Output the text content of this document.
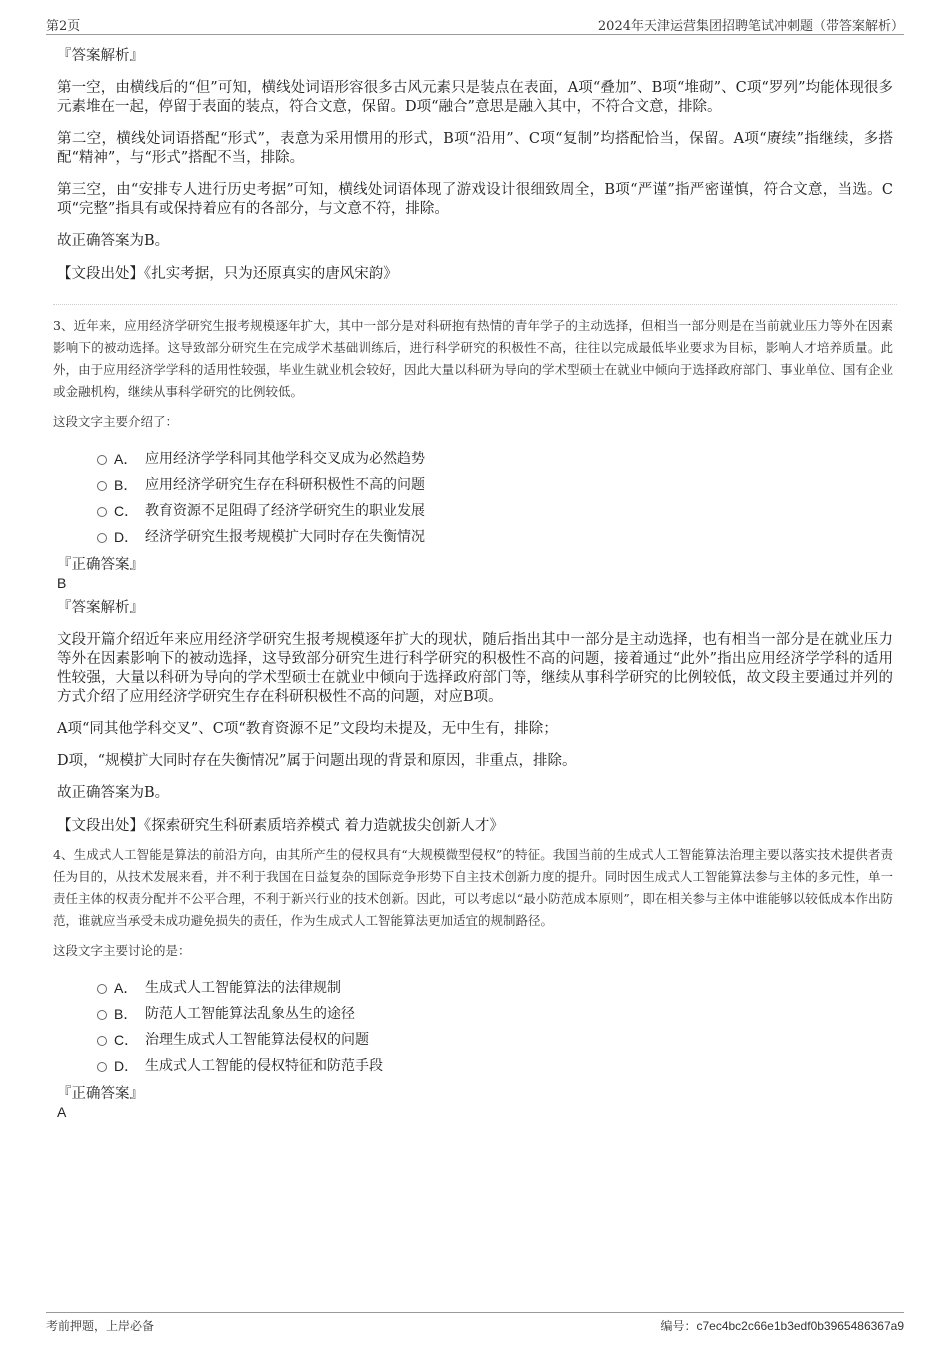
第2页	2024年天津运营集团招聘笔试冲刺题（带答案解析）
『答案解析』

第一空，由横线后的“但”可知，横线处词语形容很多古风元素只是装点在表面，A项“叠加”、B项“堆砌”、C项“罗列”均能体现很多元素堆在一起，停留于表面的装点，符合文意，保留。D项“融合”意思是融入其中，不符合文意，排除。

第二空，横线处词语搭配“形式”，表意为采用惯用的形式，B项“沿用”、C项“复制”均搭配恰当，保留。A项“赓续”指继续，多搭配“精神”，与“形式”搭配不当，排除。

第三空，由“安排专人进行历史考据”可知，横线处词语体现了游戏设计很细致周全，B项“严谨”指严密谨慎，符合文意，当选。C项“完整”指具有或保持着应有的各部分，与文意不符，排除。

故正确答案为B。

【文段出处】《扎实考据，只为还原真实的唐风宋韵》

3、近年来，应用经济学研究生报考规模逐年扩大，其中一部分是对科研抱有热情的青年学子的主动选择，但相当一部分则是在当前就业压力等外在因素影响下的被动选择。这导致部分研究生在完成学术基础训练后，进行科学研究的积极性不高，往往以完成最低毕业要求为目标，影响人才培养质量。此外，由于应用经济学学科的适用性较强，毕业生就业机会较好，因此大量以科研为导向的学术型硕士在就业中倾向于选择政府部门、事业单位、国有企业或金融机构，继续从事科学研究的比例较低。

这段文字主要介绍了：

A． 应用经济学学科同其他学科交叉成为必然趋势
B． 应用经济学研究生存在科研积极性不高的问题
C． 教育资源不足阻碍了经济学研究生的职业发展
D． 经济学研究生报考规模扩大同时存在失衡情况
『正确答案』
B
『答案解析』

文段开篇介绍近年来应用经济学研究生报考规模逐年扩大的现状，随后指出其中一部分是主动选择，也有相当一部分是在就业压力等外在因素影响下的被动选择，这导致部分研究生进行科学研究的积极性不高的问题，接着通过“此外”指出应用经济学学科的适用性较强，大量以科研为导向的学术型硕士在就业中倾向于选择政府部门等，继续从事科学研究的比例较低，故文段主要通过并列的方式介绍了应用经济学研究生存在科研积极性不高的问题，对应B项。

A项“同其他学科交叉”、C项“教育资源不足”文段均未提及，无中生有，排除；

D项，“规模扩大同时存在失衡情况”属于问题出现的背景和原因，非重点，排除。

故正确答案为B。

【文段出处】《探索研究生科研素质培养模式 着力造就拔尖创新人才》

4、生成式人工智能是算法的前沿方向，由其所产生的侵权具有“大规模微型侵权”的特征。我国当前的生成式人工智能算法治理主要以落实技术提供者责任为目的，从技术发展来看，并不利于我国在日益复杂的国际竞争形势下自主技术创新力度的提升。同时因生成式人工智能算法参与主体的多元性，单一责任主体的权责分配并不公平合理，不利于新兴行业的技术创新。因此，可以考虑以“最小防范成本原则”，即在相关参与主体中谁能够以较低成本作出防范，谁就应当承受未成功避免损失的责任，作为生成式人工智能算法更加适宜的规制路径。

这段文字主要讨论的是：

A． 生成式人工智能算法的法律规制
B． 防范人工智能算法乱象丛生的途径
C． 治理生成式人工智能算法侵权的问题
D． 生成式人工智能的侵权特征和防范手段
『正确答案』
A
考前押题，上岸必备	编号：c7ec4bc2c66e1b3edf0b3965486367a9
